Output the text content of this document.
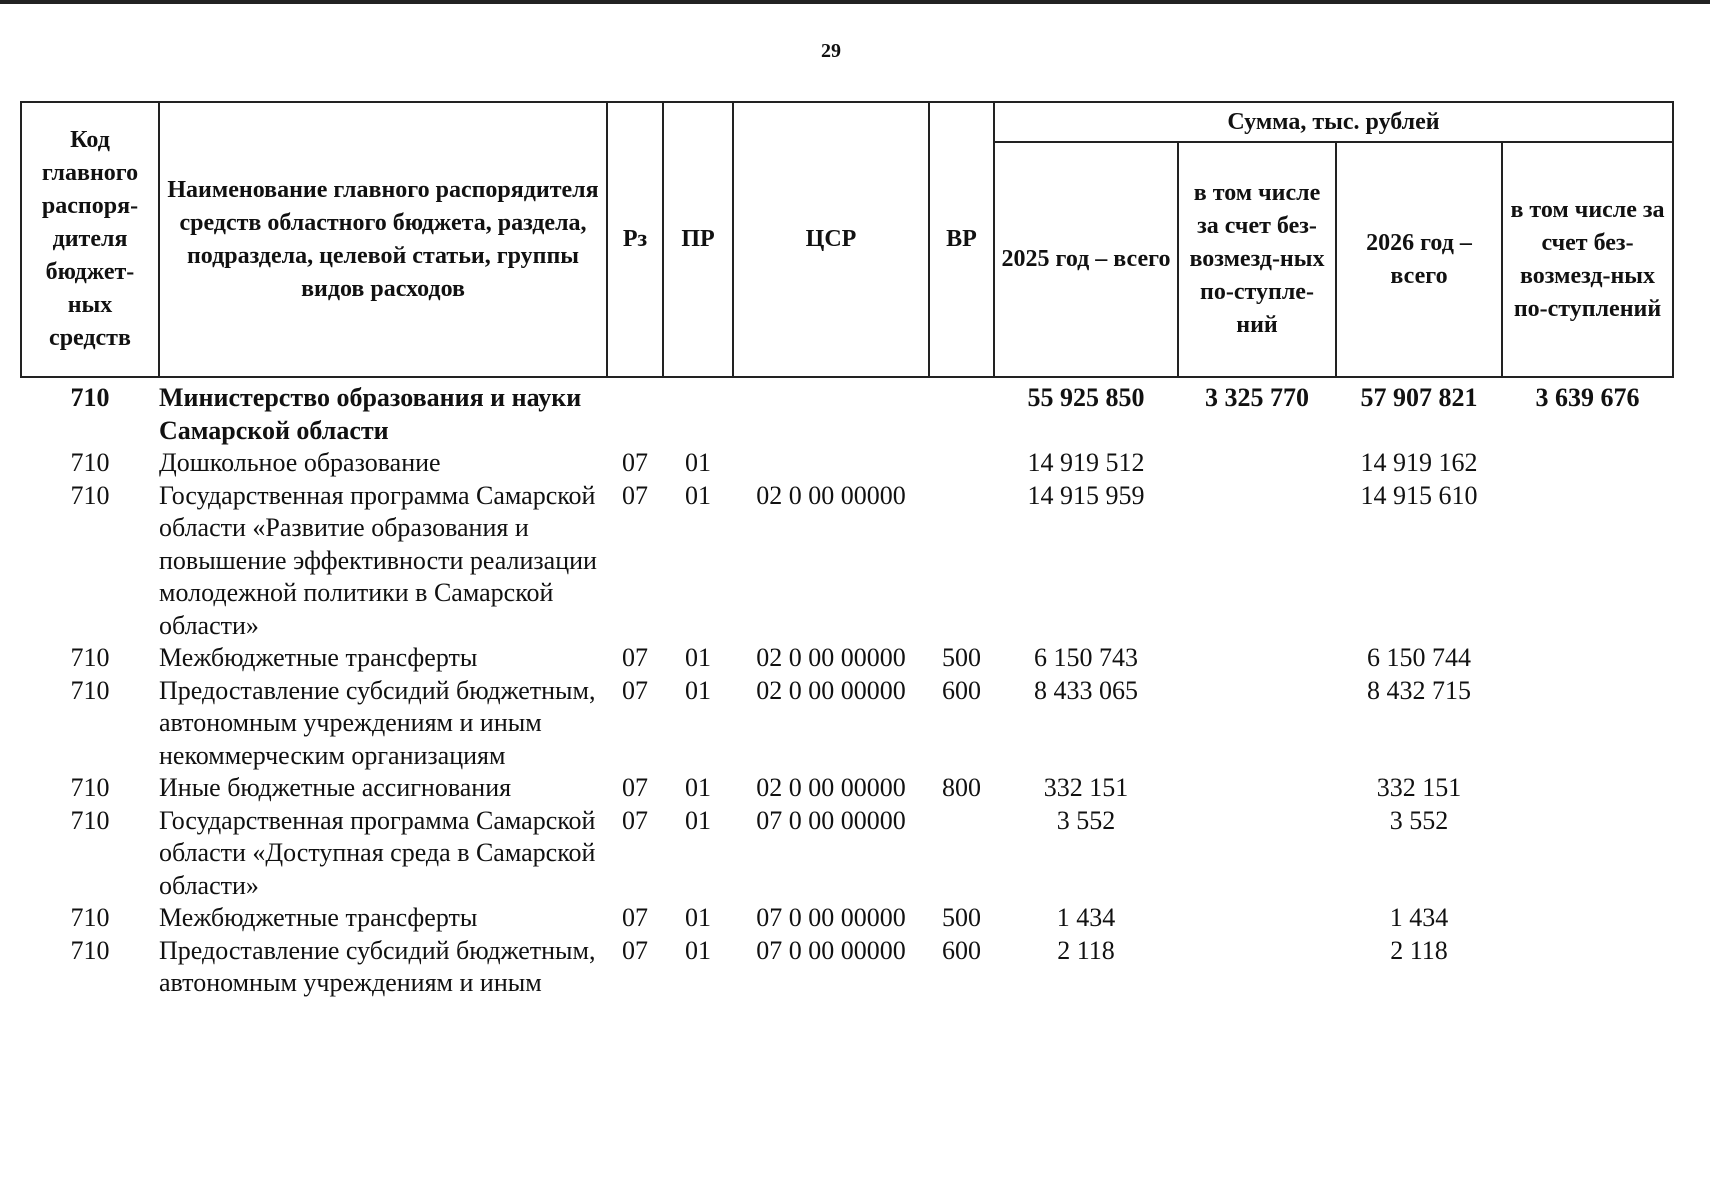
29
Код главного распоря-дителя бюджет-ных средств	Наименование главного распорядителя средств областного бюджета, раздела, подраздела, целевой статьи, группы видов расходов	Рз	ПР	ЦСР	ВР	Сумма, тыс. рублей			
						2025 год – всего	в том числе за счет без-возмезд-ных по-ступле-ний	2026 год – всего	в том числе за счет без-возмезд-ных по-ступлений
710	Министерство образования и науки Самарской области					55 925 850	3 325 770	57 907 821	3 639 676
710	Дошкольное образование	07	01			14 919 512		14 919 162	
710	Государственная программа Самарской области «Развитие образования и повышение эффективности реализации молодежной политики в Самарской области»	07	01	02 0 00 00000		14 915 959		14 915 610	
710	Межбюджетные трансферты	07	01	02 0 00 00000	500	6 150 743		6 150 744	
710	Предоставление субсидий бюджетным, автономным учреждениям и иным некоммерческим организациям	07	01	02 0 00 00000	600	8 433 065		8 432 715	
710	Иные бюджетные ассигнования	07	01	02 0 00 00000	800	332 151		332 151	
710	Государственная программа Самарской области «Доступная среда в Самарской области»	07	01	07 0 00 00000		3 552		3 552	
710	Межбюджетные трансферты	07	01	07 0 00 00000	500	1 434		1 434	
710	Предоставление субсидий бюджетным, автономным учреждениям и иным	07	01	07 0 00 00000	600	2 118		2 118	
